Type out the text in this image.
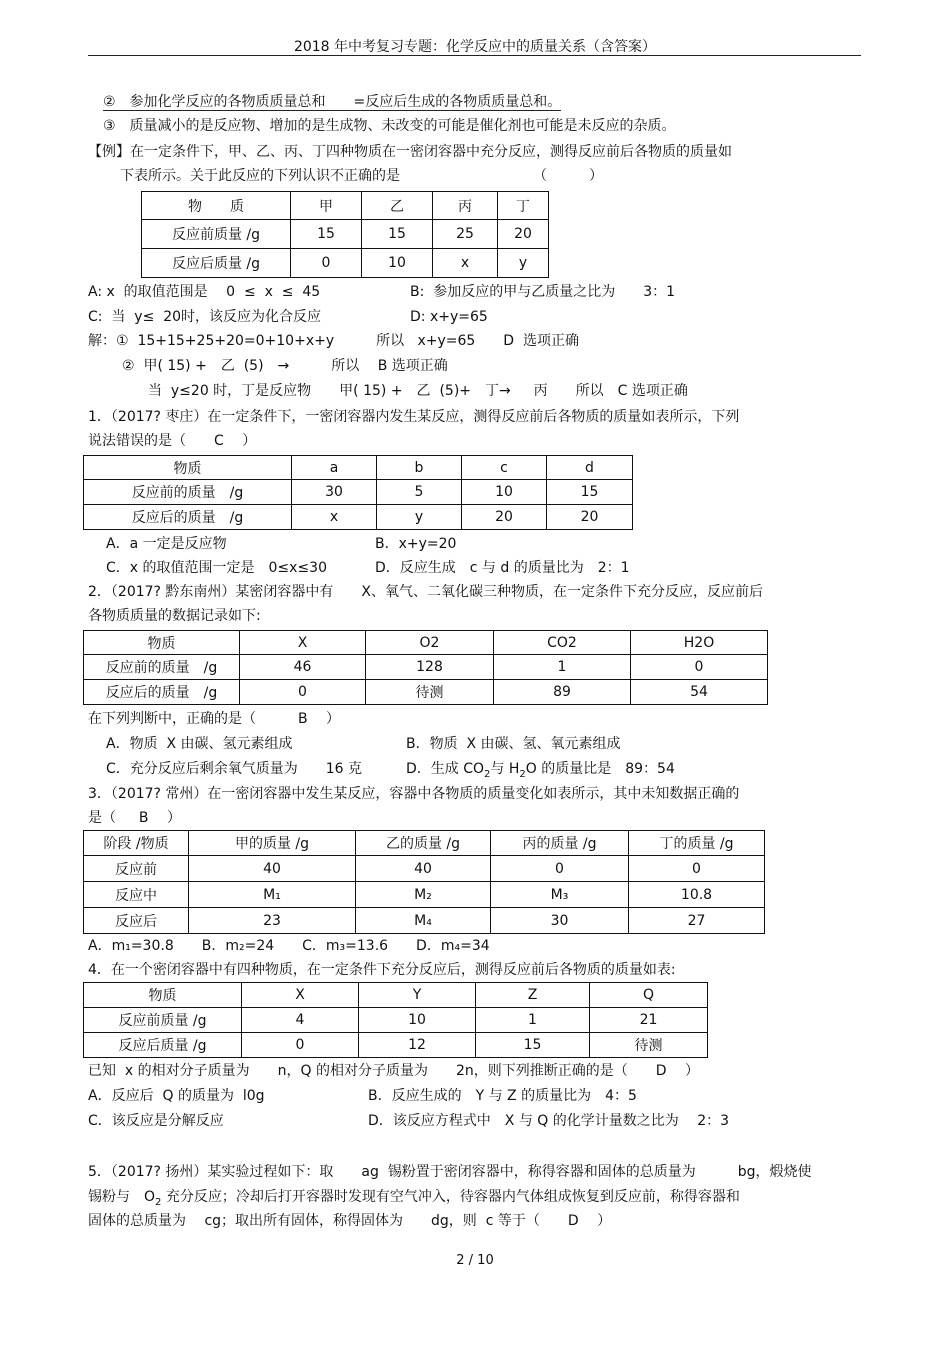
2018 年中考复习专题：化学反应中的质量关系（含答案）
②　参加化学反应的各物质质量总和　　=反应后生成的各物质质量总和。
③　质量减小的是反应物、增加的是生成物、未改变的可能是催化剂也可能是未反应的杂质。
【例】在一定条件下，甲、乙、丙、丁四种物质在一密闭容器中充分反应，测得反应前后各物质的质量如
下表所示。关于此反应的下列认识不正确的是　　　　　　　　　　（　　　）
物　　质	甲	乙	丙	丁
反应前质量 /g	15	15	25	20
反应后质量 /g	0	10	x	y
A: x  的取值范围是　 0  ≤  x  ≤  45	B:  参加反应的甲与乙质量之比为　　3：1
C:  当  y≤  20时，该反应为化合反应	D: x+y=65
解：①  15+15+25+20=0+10+x+y　　　所以   x+y=65　　D  选项正确
②  甲( 15) +　乙  (5)　→　　　所以　 B 选项正确
当  y≤20 时，丁是反应物　　甲( 15) +　乙  (5)+　丁→　  丙　　所以　C 选项正确
1．（2017? 枣庄）在一定条件下，一密闭容器内发生某反应，测得反应前后各物质的质量如表所示，下列
说法错误的是（　　C　 ）
物质	a	b	c	d
反应前的质量　/g	30	5	10	15
反应后的质量　/g	x	y	20	20
A．a 一定是反应物	B．x+y=20
C．x 的取值范围一定是　0≤x≤30	D．反应生成　c 与 d 的质量比为　2：1
2．（2017? 黔东南州）某密闭容器中有　　X、氧气、二氧化碳三种物质，在一定条件下充分反应，反应前后
各物质质量的数据记录如下:
物质	X	O2	CO2	H2O
反应前的质量　/g	46	128	1	0
反应后的质量　/g	0	待测	89	54
在下列判断中，正确的是（　　　B　 ）
A．物质  X 由碳、氢元素组成	B．物质  X 由碳、氢、氧元素组成
C．充分反应后剩余氧气质量为　　16 克	D．生成 $CO_2$与 $H_2O$ 的质量比是　89：54
3．（2017? 常州）在一密闭容器中发生某反应，容器中各物质的质量变化如表所示，其中未知数据正确的
是（　  B　 ）
阶段 /物质	甲的质量 /g	乙的质量 /g	丙的质量 /g	丁的质量 /g
反应前	40	40	0	0
反应中	M₁	M₂	M₃	10.8
反应后	23	M₄	30	27
A．m₁=30.8　　B．m₂=24　　C．m₃=13.6　　D．m₄=34
4．在一个密闭容器中有四种物质，在一定条件下充分反应后，测得反应前后各物质的质量如表:
物质	X	Y	Z	Q
反应前质量 /g	4	10	1	21
反应后质量 /g	0	12	15	待测
已知  x 的相对分子质量为　　n，Q 的相对分子质量为　　2n，则下列推断正确的是（　　D　 ）
A．反应后  Q 的质量为  l0g	B．反应生成的　Y 与 Z 的质量比为　4：5
C．该反应是分解反应	D．该反应方程式中　X 与 Q 的化学计量数之比为　 2：3
5．（2017? 扬州）某实验过程如下：取　　ag  锡粉置于密闭容器中，称得容器和固体的总质量为　　　bg，煅烧使
锡粉与　$O_2$ 充分反应；冷却后打开容器时发现有空气冲入，待容器内气体组成恢复到反应前，称得容器和
固体的总质量为　 cg；取出所有固体，称得固体为　　dg，则  c 等于（　　D　 ）
2 / 10
